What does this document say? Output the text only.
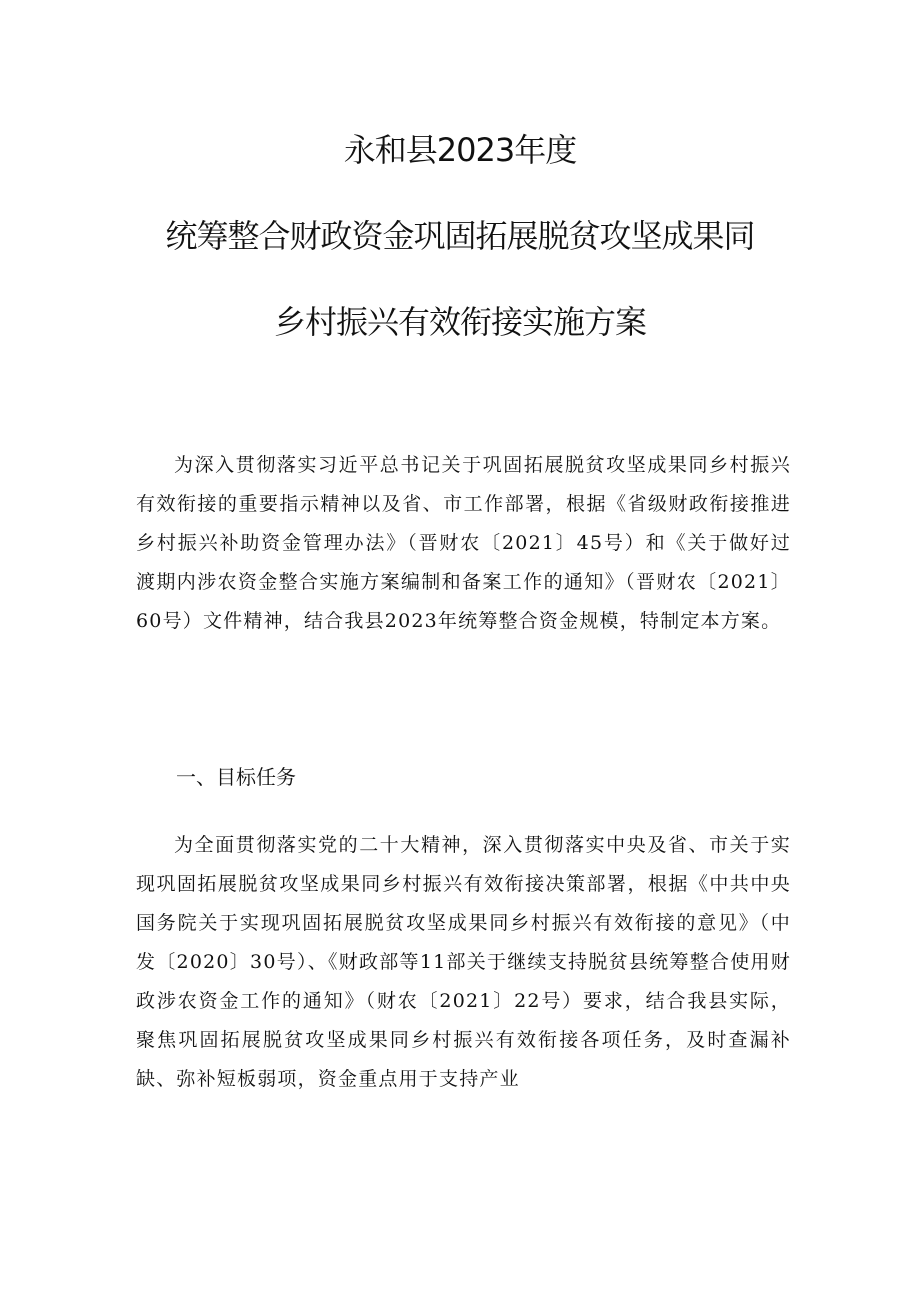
永和县2023年度
统筹整合财政资金巩固拓展脱贫攻坚成果同
乡村振兴有效衔接实施方案

为深入贯彻落实习近平总书记关于巩固拓展脱贫攻坚成果同乡村振兴有效衔接的重要指示精神以及省、市工作部署，根据《省级财政衔接推进乡村振兴补助资金管理办法》（晋财农〔2021〕45号）和《关于做好过渡期内涉农资金整合实施方案编制和备案工作的通知》（晋财农〔2021〕60号）文件精神，结合我县2023年统筹整合资金规模，特制定本方案。

一、目标任务

为全面贯彻落实党的二十大精神，深入贯彻落实中央及省、市关于实现巩固拓展脱贫攻坚成果同乡村振兴有效衔接决策部署，根据《中共中央国务院关于实现巩固拓展脱贫攻坚成果同乡村振兴有效衔接的意见》（中发〔2020〕30号）、《财政部等11部关于继续支持脱贫县统筹整合使用财政涉农资金工作的通知》（财农〔2021〕22号）要求，结合我县实际，聚焦巩固拓展脱贫攻坚成果同乡村振兴有效衔接各项任务，及时查漏补缺、弥补短板弱项，资金重点用于支持产业
